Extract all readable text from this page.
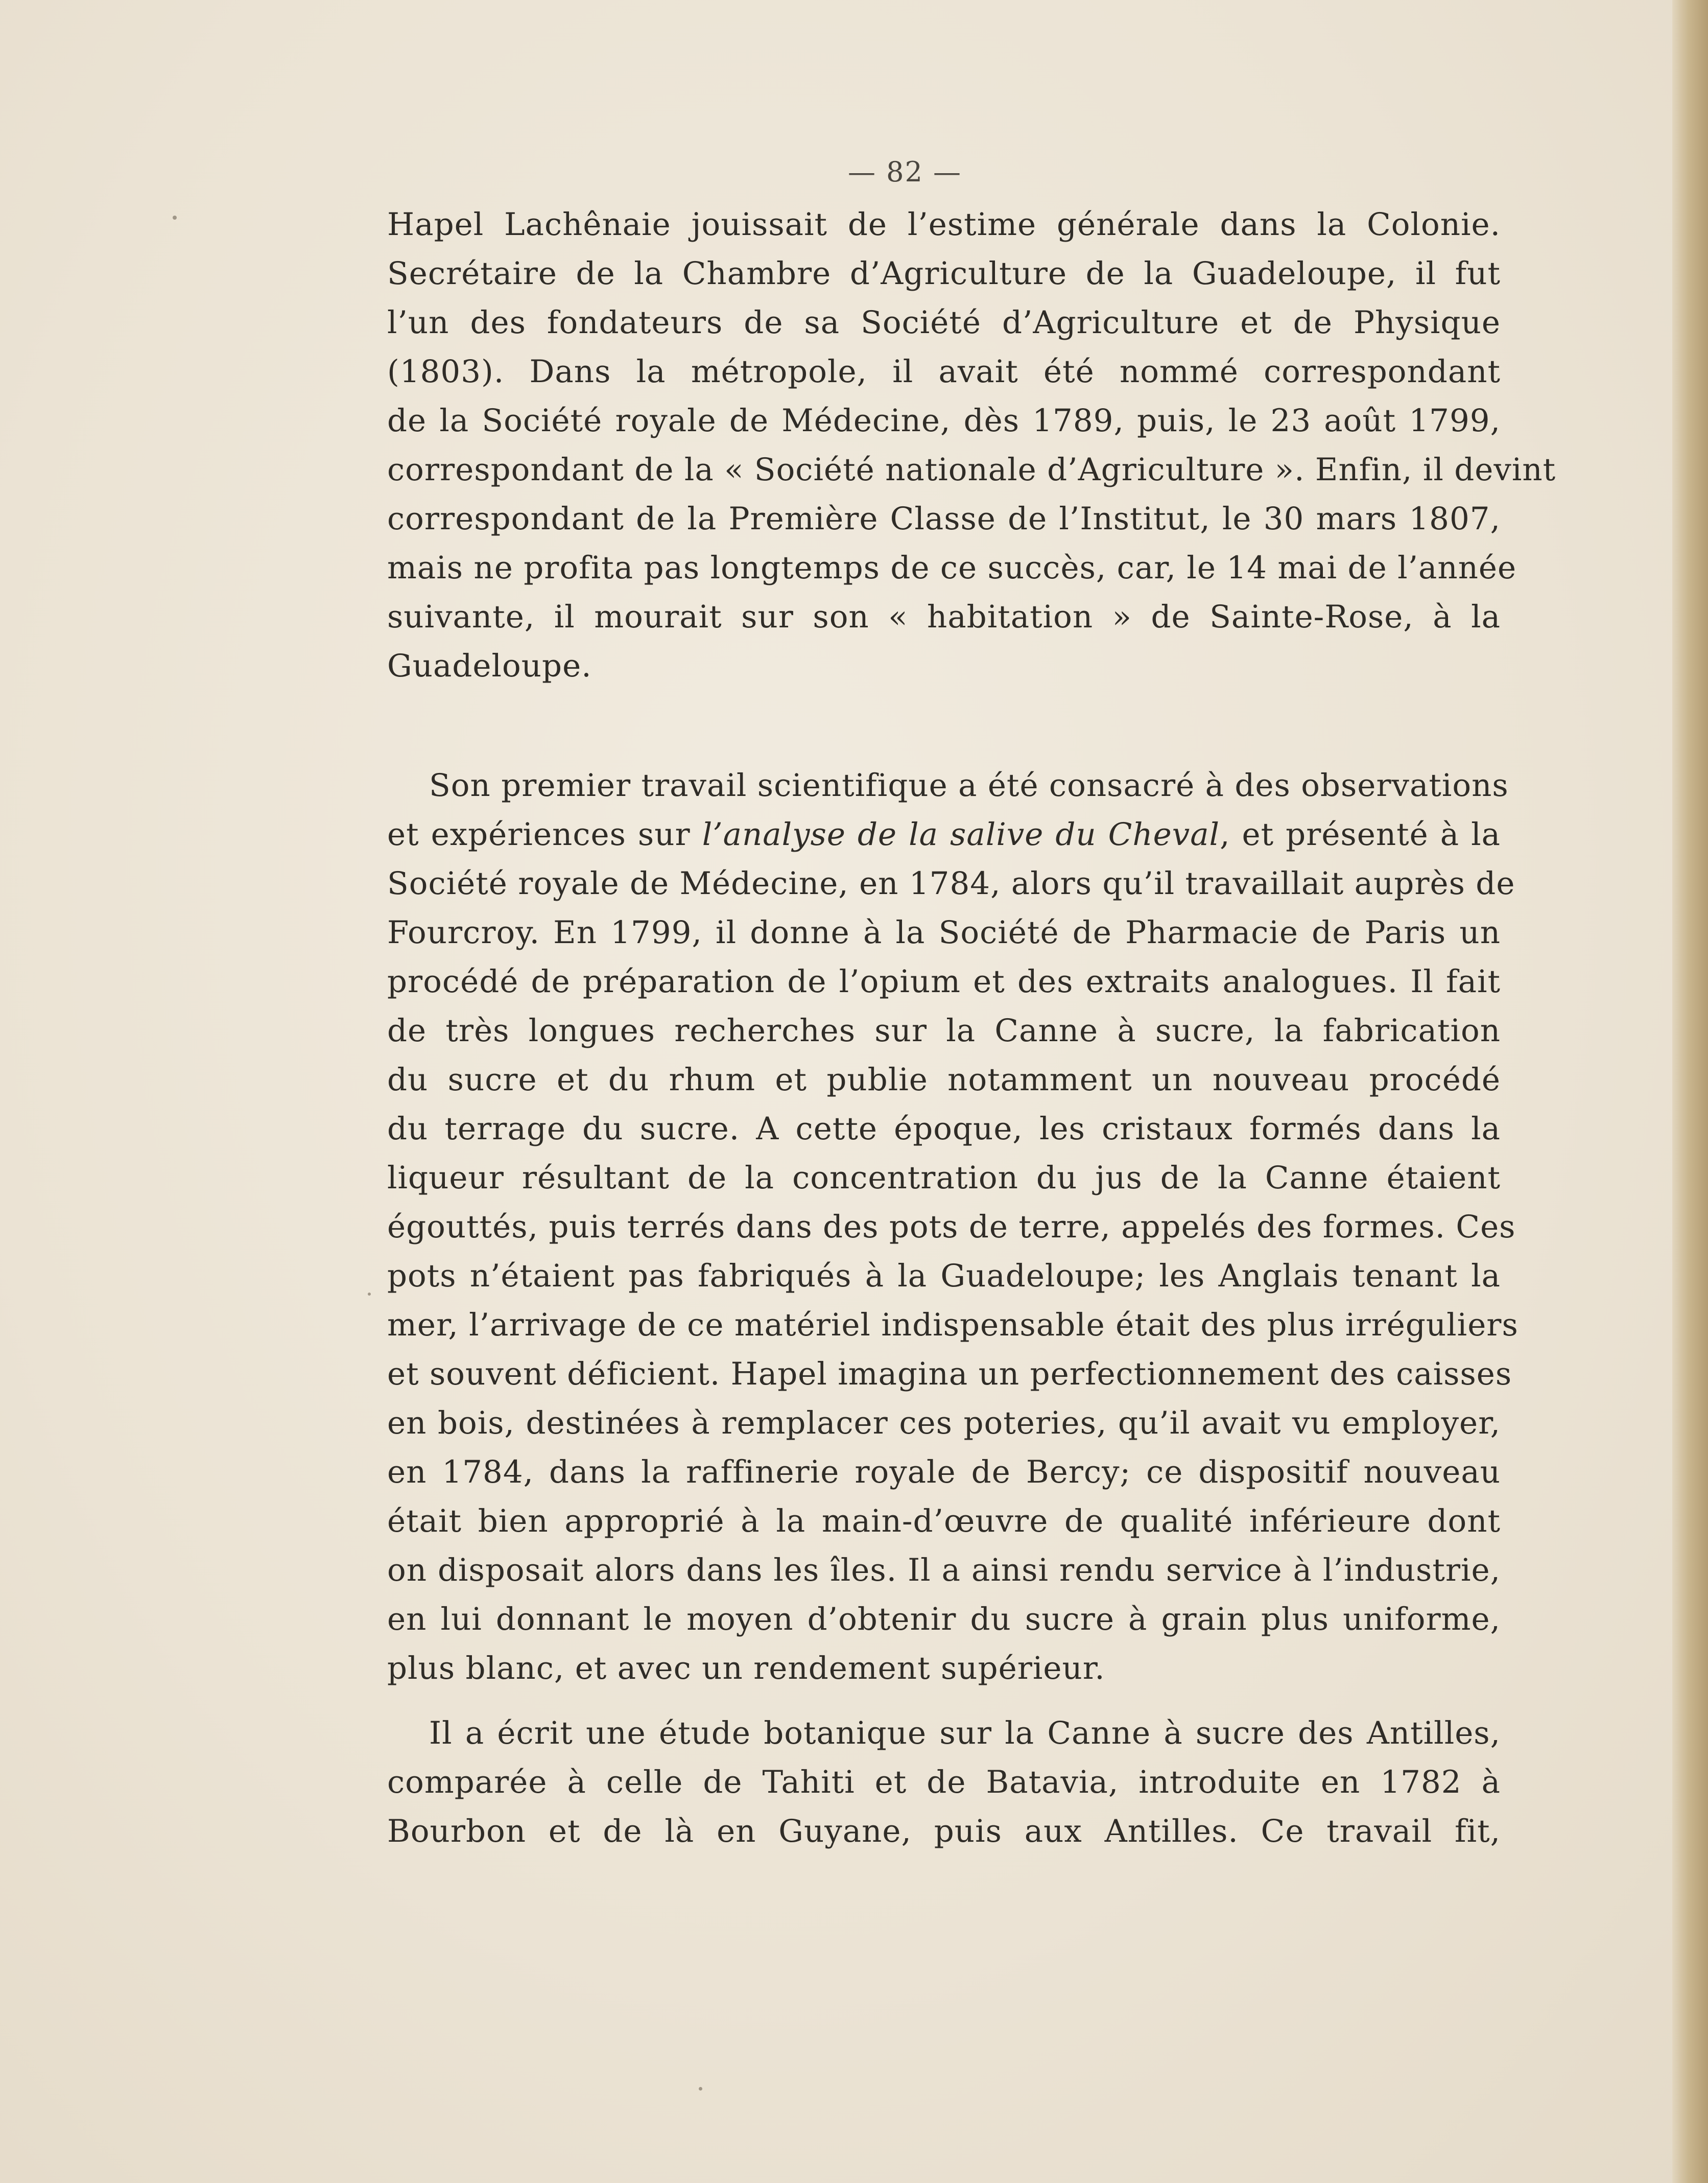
— 82 —
Hapel Lachênaie jouissait de l’estime générale dans la Colonie.
Secrétaire de la Chambre d’Agriculture de la Guadeloupe, il fut
l’un des fondateurs de sa Société d’Agriculture et de Physique
(1803). Dans la métropole, il avait été nommé correspondant
de la Société royale de Médecine, dès 1789, puis, le 23 août 1799,
correspondant de la « Société nationale d’Agriculture ». Enfin, il devint
correspondant de la Première Classe de l’Institut, le 30 mars 1807,
mais ne profita pas longtemps de ce succès, car, le 14 mai de l’année
suivante, il mourait sur son « habitation » de Sainte-Rose, à la
Guadeloupe.
Son premier travail scientifique a été consacré à des observations
et expériences sur l’analyse de la salive du Cheval, et présenté à la
Société royale de Médecine, en 1784, alors qu’il travaillait auprès de
Fourcroy. En 1799, il donne à la Société de Pharmacie de Paris un
procédé de préparation de l’opium et des extraits analogues. Il fait
de très longues recherches sur la Canne à sucre, la fabrication
du sucre et du rhum et publie notamment un nouveau procédé
du terrage du sucre. A cette époque, les cristaux formés dans la
liqueur résultant de la concentration du jus de la Canne étaient
égouttés, puis terrés dans des pots de terre, appelés des formes. Ces
pots n’étaient pas fabriqués à la Guadeloupe; les Anglais tenant la
mer, l’arrivage de ce matériel indispensable était des plus irréguliers
et souvent déficient. Hapel imagina un perfectionnement des caisses
en bois, destinées à remplacer ces poteries, qu’il avait vu employer,
en 1784, dans la raffinerie royale de Bercy; ce dispositif nouveau
était bien approprié à la main-d’œuvre de qualité inférieure dont
on disposait alors dans les îles. Il a ainsi rendu service à l’industrie,
en lui donnant le moyen d’obtenir du sucre à grain plus uniforme,
plus blanc, et avec un rendement supérieur.
Il a écrit une étude botanique sur la Canne à sucre des Antilles,
comparée à celle de Tahiti et de Batavia, introduite en 1782 à
Bourbon et de là en Guyane, puis aux Antilles. Ce travail fit,
